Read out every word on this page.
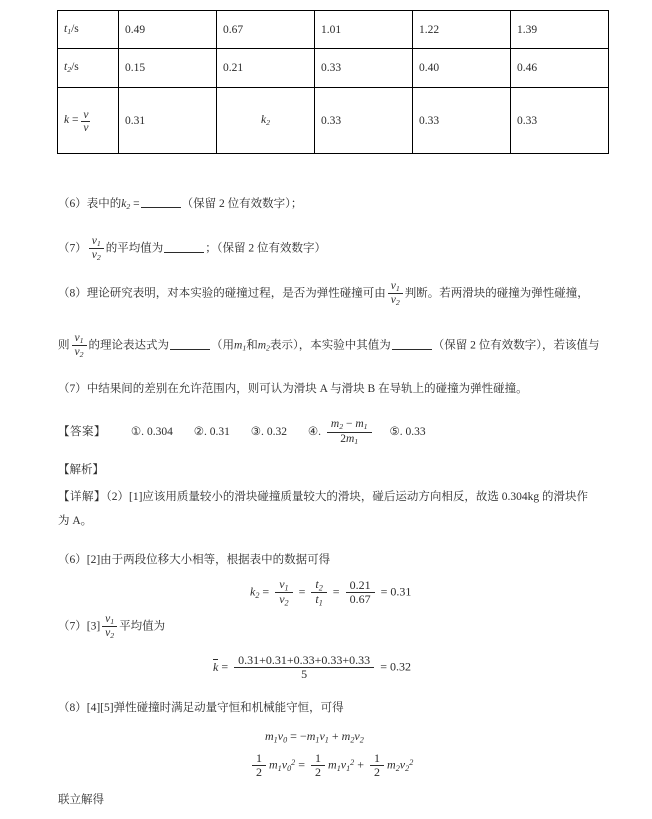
$t_1/s$	0.49	0.67	1.01	1.22	1.39
$t_2/s$	0.15	0.21	0.33	0.40	0.46
$k = \frac{v}{v}$	0.31	$k_2$	0.33	0.33	0.33
（6）表中的$k_2$ =	（保留 2 位有效数字）；
$(7) \frac{v_1}{v_2}$ 的平均值为	；（保留 2 位有效数字）
（8）理论研究表明，对本实验的碰撞过程，是否为弹性碰撞可由 $\frac{v_1}{v_2}$ 判断。若两滑块的碰撞为弹性碰撞，
则 $\frac{v_1}{v_2}$ 的理论表达式为	（用$m_1$和$m_2$表示），本实验中其值为	（保留 2 位有效数字），若该值与
（7）中结果间的差别在允许范围内，则可认为滑块 A 与滑块 B 在导轨上的碰撞为弹性碰撞。
【答案】 ①. 0.304 ②. 0.31 ③. 0.32 ④. $\frac{m_2 - m_1}{2m_1}$ ⑤. 0.33
【解析】
【详解】（2）[1]应该用质量较小的滑块碰撞质量较大的滑块，碰后运动方向相反，故选 0.304kg 的滑块作
为 A。
（6）[2]由于两段位移大小相等，根据表中的数据可得
$k_2 = \frac{v_1}{v_2} = \frac{t_2}{t_1} = \frac{0.21}{0.67} = 0.31$
$(7)[3] \frac{v_1}{v_2}$ 平均值为
$k = \frac{0.31+0.31+0.33+0.33+0.33}{5} = 0.32$
（8）[4][5]弹性碰撞时满足动量守恒和机械能守恒，可得
$m_1v_0 = -m_1v_1 + m_2v_2$
$\frac{1}{2} m_1v_0^2 = \frac{1}{2} m_1v_1^2 + \frac{1}{2} m_2v_2^2$
联立解得
